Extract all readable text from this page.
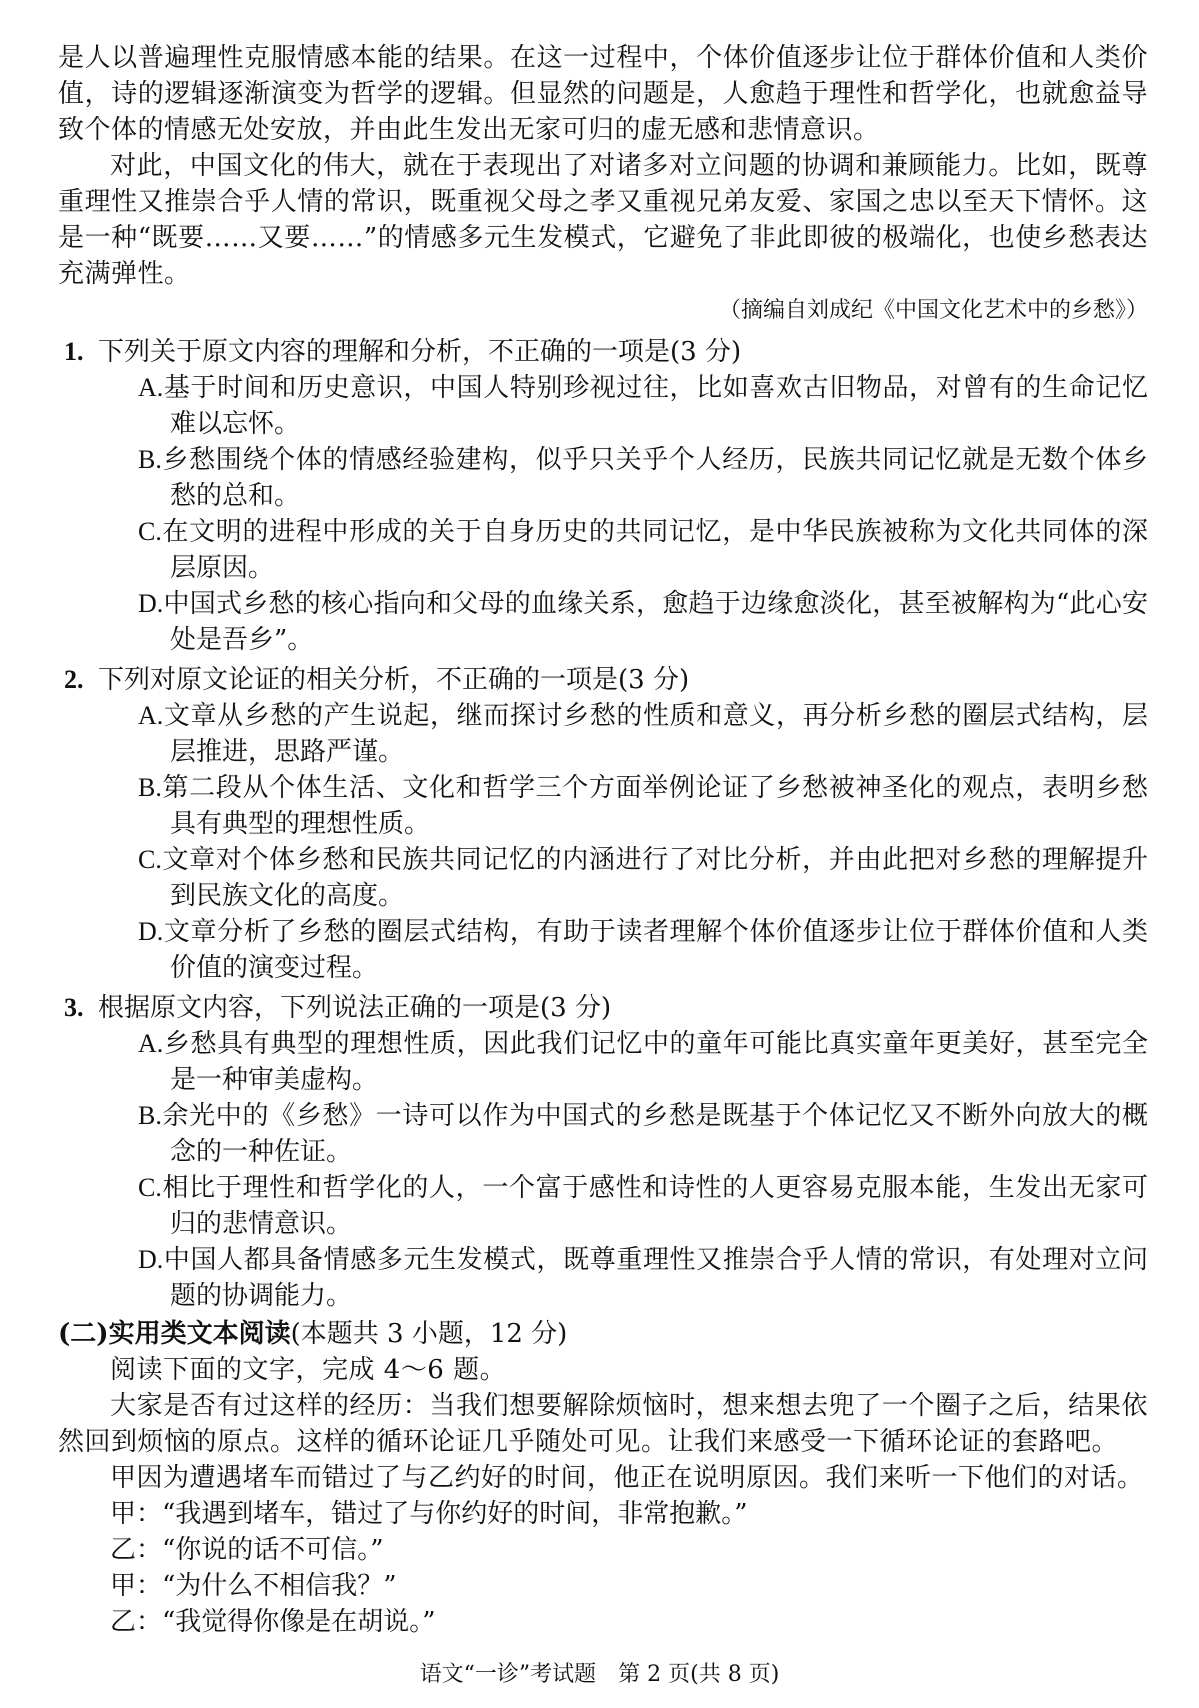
是人以普遍理性克服情感本能的结果。在这一过程中，个体价值逐步让位于群体价值和人类价值，诗的逻辑逐渐演变为哲学的逻辑。但显然的问题是，人愈趋于理性和哲学化，也就愈益导致个体的情感无处安放，并由此生发出无家可归的虚无感和悲情意识。

对此，中国文化的伟大，就在于表现出了对诸多对立问题的协调和兼顾能力。比如，既尊重理性又推崇合乎人情的常识，既重视父母之孝又重视兄弟友爱、家国之忠以至天下情怀。这是一种“既要……又要……”的情感多元生发模式，它避免了非此即彼的极端化，也使乡愁表达充满弹性。

（摘编自刘成纪《中国文化艺术中的乡愁》）
1. 下列关于原文内容的理解和分析，不正确的一项是(3 分)
A.基于时间和历史意识，中国人特别珍视过往，比如喜欢古旧物品，对曾有的生命记忆难以忘怀。
B.乡愁围绕个体的情感经验建构，似乎只关乎个人经历，民族共同记忆就是无数个体乡愁的总和。
C.在文明的进程中形成的关于自身历史的共同记忆，是中华民族被称为文化共同体的深层原因。
D.中国式乡愁的核心指向和父母的血缘关系，愈趋于边缘愈淡化，甚至被解构为“此心安处是吾乡”。
2. 下列对原文论证的相关分析，不正确的一项是(3 分)
A.文章从乡愁的产生说起，继而探讨乡愁的性质和意义，再分析乡愁的圈层式结构，层层推进，思路严谨。
B.第二段从个体生活、文化和哲学三个方面举例论证了乡愁被神圣化的观点，表明乡愁具有典型的理想性质。
C.文章对个体乡愁和民族共同记忆的内涵进行了对比分析，并由此把对乡愁的理解提升到民族文化的高度。
D.文章分析了乡愁的圈层式结构，有助于读者理解个体价值逐步让位于群体价值和人类价值的演变过程。
3. 根据原文内容，下列说法正确的一项是(3 分)
A.乡愁具有典型的理想性质，因此我们记忆中的童年可能比真实童年更美好，甚至完全是一种审美虚构。
B.余光中的《乡愁》一诗可以作为中国式的乡愁是既基于个体记忆又不断外向放大的概念的一种佐证。
C.相比于理性和哲学化的人，一个富于感性和诗性的人更容易克服本能，生发出无家可归的悲情意识。
D.中国人都具备情感多元生发模式，既尊重理性又推崇合乎人情的常识，有处理对立问题的协调能力。
(二)实用类文本阅读(本题共 3 小题，12 分)

阅读下面的文字，完成 4～6 题。

大家是否有过这样的经历：当我们想要解除烦恼时，想来想去兜了一个圈子之后，结果依然回到烦恼的原点。这样的循环论证几乎随处可见。让我们来感受一下循环论证的套路吧。

甲因为遭遇堵车而错过了与乙约好的时间，他正在说明原因。我们来听一下他们的对话。

甲：“我遇到堵车，错过了与你约好的时间，非常抱歉。”
乙：“你说的话不可信。”
甲：“为什么不相信我？”
乙：“我觉得你像是在胡说。”
语文“一诊”考试题　第 2 页(共 8 页)
